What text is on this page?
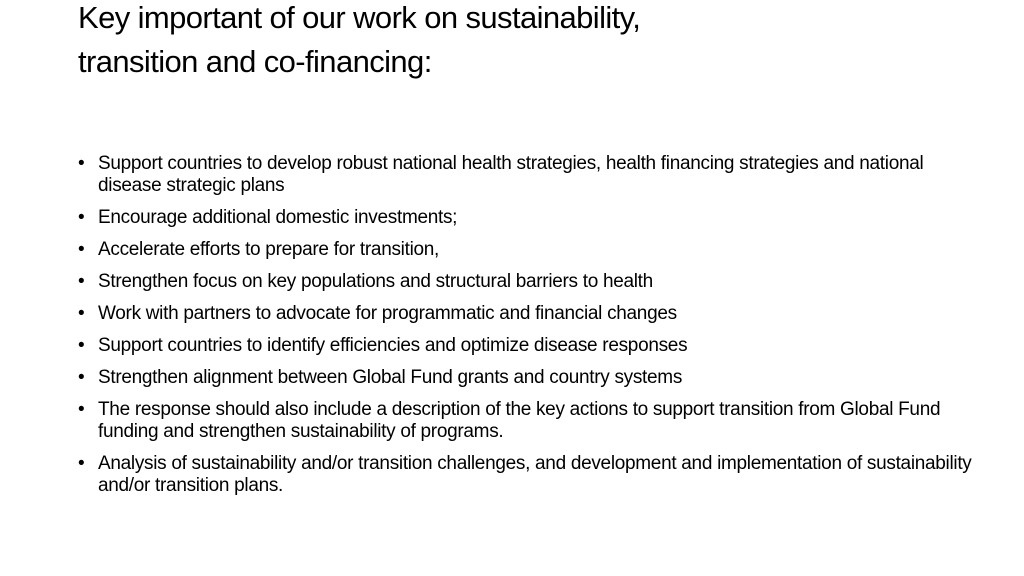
Key important of our work on sustainability,
transition and co-financing:
• Support countries to develop robust national health strategies, health financing strategies and national disease strategic plans
• Encourage additional domestic investments;
• Accelerate efforts to prepare for transition,
• Strengthen focus on key populations and structural barriers to health
• Work with partners to advocate for programmatic and financial changes
• Support countries to identify efficiencies and optimize disease responses
• Strengthen alignment between Global Fund grants and country systems
• The response should also include a description of the key actions to support transition from Global Fund funding and strengthen sustainability of programs.
• Analysis of sustainability and/or transition challenges, and development and implementation of sustainability and/or transition plans.
